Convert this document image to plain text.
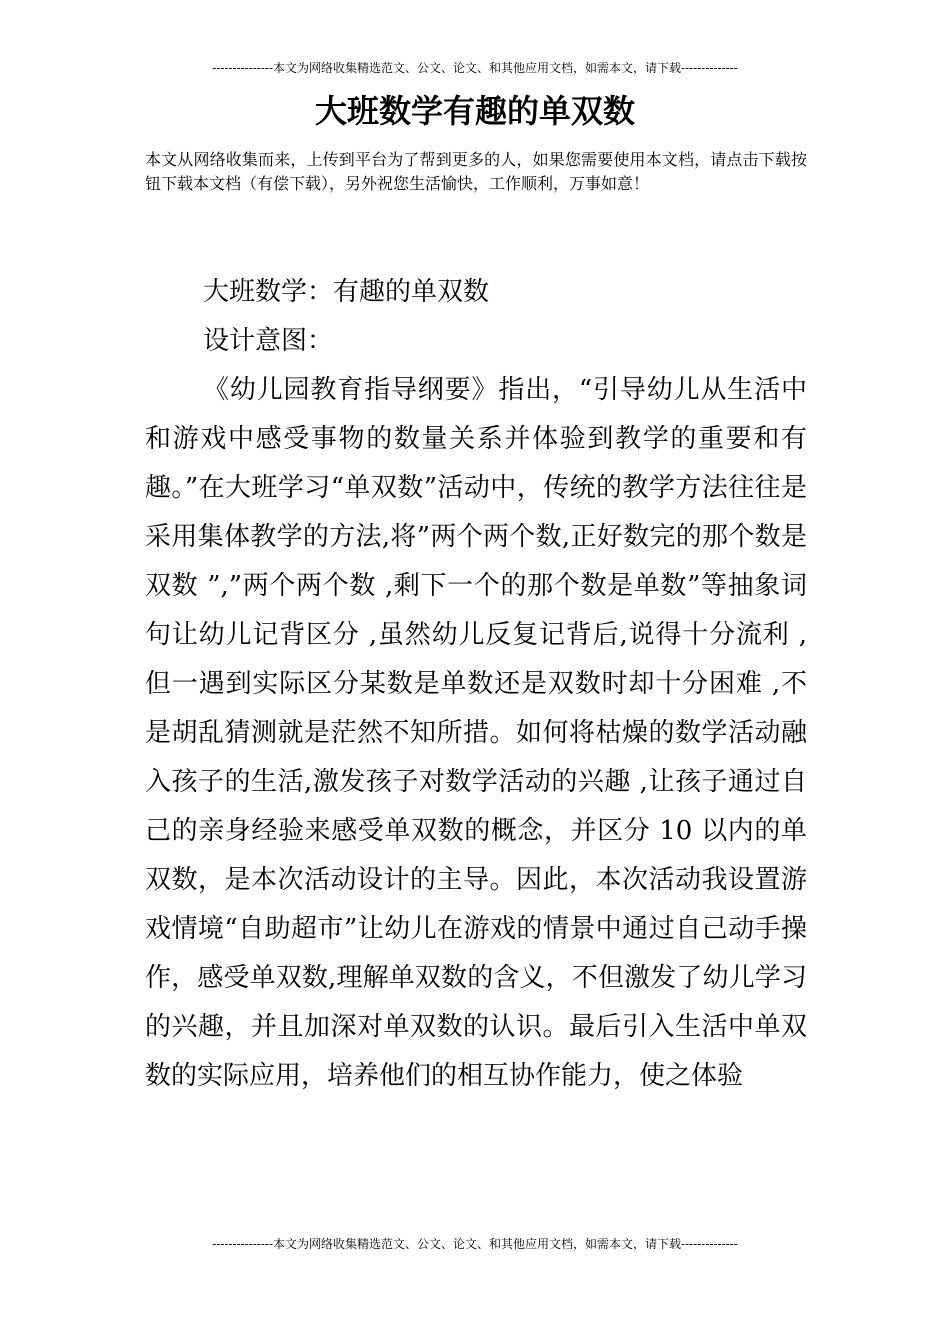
---------------本文为网络收集精选范文、公文、论文、和其他应用文档，如需本文，请下载--------------
大班数学有趣的单双数

本文从网络收集而来，上传到平台为了帮到更多的人，如果您需要使用本文档，请点击下载按钮下载本文档（有偿下载），另外祝您生活愉快，工作顺利，万事如意！

大班数学：有趣的单双数

设计意图：

《幼儿园教育指导纲要》指出，“引导幼儿从生活中和游戏中感受事物的数量关系并体验到教学的重要和有趣。”在大班学习“单双数”活动中，传统的教学方法往往是采用集体教学的方法,将”两个两个数,正好数完的那个数是双数 ”,”两个两个数 ,剩下一个的那个数是单数”等抽象词句让幼儿记背区分 ,虽然幼儿反复记背后,说得十分流利 ,但一遇到实际区分某数是单数还是双数时却十分困难 ,不是胡乱猜测就是茫然不知所措。如何将枯燥的数学活动融入孩子的生活,激发孩子对数学活动的兴趣 ,让孩子通过自己的亲身经验来感受单双数的概念，并区分 10 以内的单双数，是本次活动设计的主导。因此，本次活动我设置游戏情境“自助超市”让幼儿在游戏的情景中通过自己动手操作，感受单双数,理解单双数的含义，不但激发了幼儿学习的兴趣，并且加深对单双数的认识。最后引入生活中单双数的实际应用，培养他们的相互协作能力，使之体验

---------------本文为网络收集精选范文、公文、论文、和其他应用文档，如需本文，请下载--------------
